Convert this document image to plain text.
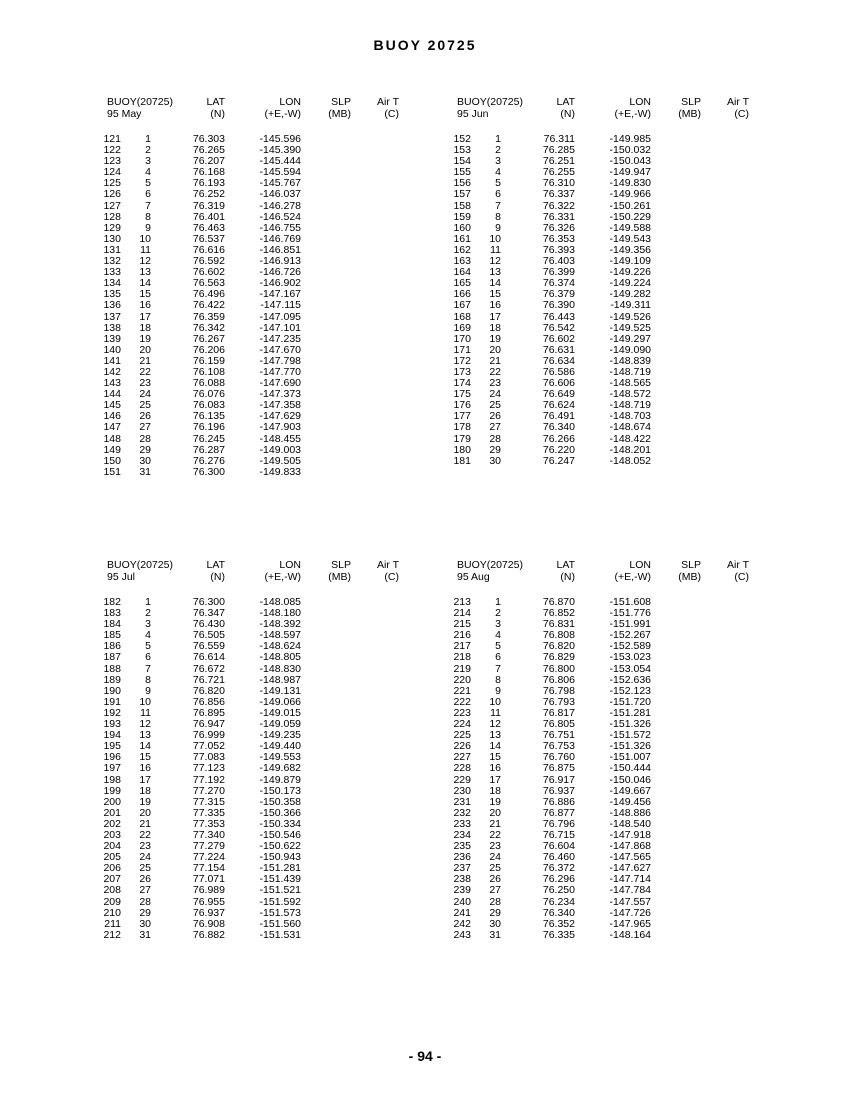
BUOY 20725
BUOY(20725)	LAT	LON	SLP	Air T
95 May	(N)	(+E,-W)	(MB)	(C)
121	1	76.303	-145.596
122	2	76.265	-145.390
123	3	76.207	-145.444
124	4	76.168	-145.594
125	5	76.193	-145.767
126	6	76.252	-146.037
127	7	76.319	-146.278
128	8	76.401	-146.524
129	9	76.463	-146.755
130	10	76.537	-146.769
131	11	76.616	-146.851
132	12	76.592	-146.913
133	13	76.602	-146.726
134	14	76.563	-146.902
135	15	76.496	-147.167
136	16	76.422	-147.115
137	17	76.359	-147.095
138	18	76.342	-147.101
139	19	76.267	-147.235
140	20	76.206	-147.670
141	21	76.159	-147.798
142	22	76.108	-147.770
143	23	76.088	-147.690
144	24	76.076	-147.373
145	25	76.083	-147.358
146	26	76.135	-147.629
147	27	76.196	-147.903
148	28	76.245	-148.455
149	29	76.287	-149.003
150	30	76.276	-149.505
151	31	76.300	-149.833
BUOY(20725)	LAT	LON	SLP	Air T
95 Jun	(N)	(+E,-W)	(MB)	(C)
152	1	76.311	-149.985
153	2	76.285	-150.032
154	3	76.251	-150.043
155	4	76.255	-149.947
156	5	76.310	-149.830
157	6	76.337	-149.966
158	7	76.322	-150.261
159	8	76.331	-150.229
160	9	76.326	-149.588
161	10	76.353	-149.543
162	11	76.393	-149.356
163	12	76.403	-149.109
164	13	76.399	-149.226
165	14	76.374	-149.224
166	15	76.379	-149.282
167	16	76.390	-149.311
168	17	76.443	-149.526
169	18	76.542	-149.525
170	19	76.602	-149.297
171	20	76.631	-149.090
172	21	76.634	-148.839
173	22	76.586	-148.719
174	23	76.606	-148.565
175	24	76.649	-148.572
176	25	76.624	-148.719
177	26	76.491	-148.703
178	27	76.340	-148.674
179	28	76.266	-148.422
180	29	76.220	-148.201
181	30	76.247	-148.052
BUOY(20725)	LAT	LON	SLP	Air T
95 Jul	(N)	(+E,-W)	(MB)	(C)
182	1	76.300	-148.085
183	2	76.347	-148.180
184	3	76.430	-148.392
185	4	76.505	-148.597
186	5	76.559	-148.624
187	6	76.614	-148.805
188	7	76.672	-148.830
189	8	76.721	-148.987
190	9	76.820	-149.131
191	10	76.856	-149.066
192	11	76.895	-149.015
193	12	76.947	-149.059
194	13	76.999	-149.235
195	14	77.052	-149.440
196	15	77.083	-149.553
197	16	77.123	-149.682
198	17	77.192	-149.879
199	18	77.270	-150.173
200	19	77.315	-150.358
201	20	77.335	-150.366
202	21	77.353	-150.334
203	22	77.340	-150.546
204	23	77.279	-150.622
205	24	77.224	-150.943
206	25	77.154	-151.281
207	26	77.071	-151.439
208	27	76.989	-151.521
209	28	76.955	-151.592
210	29	76.937	-151.573
211	30	76.908	-151.560
212	31	76.882	-151.531
BUOY(20725)	LAT	LON	SLP	Air T
95 Aug	(N)	(+E,-W)	(MB)	(C)
213	1	76.870	-151.608
214	2	76.852	-151.776
215	3	76.831	-151.991
216	4	76.808	-152.267
217	5	76.820	-152.589
218	6	76.829	-153.023
219	7	76.800	-153.054
220	8	76.806	-152.636
221	9	76.798	-152.123
222	10	76.793	-151.720
223	11	76.817	-151.281
224	12	76.805	-151.326
225	13	76.751	-151.572
226	14	76.753	-151.326
227	15	76.760	-151.007
228	16	76.875	-150.444
229	17	76.917	-150.046
230	18	76.937	-149.667
231	19	76.886	-149.456
232	20	76.877	-148.886
233	21	76.796	-148.540
234	22	76.715	-147.918
235	23	76.604	-147.868
236	24	76.460	-147.565
237	25	76.372	-147.627
238	26	76.296	-147.714
239	27	76.250	-147.784
240	28	76.234	-147.557
241	29	76.340	-147.726
242	30	76.352	-147.965
243	31	76.335	-148.164
- 94 -
